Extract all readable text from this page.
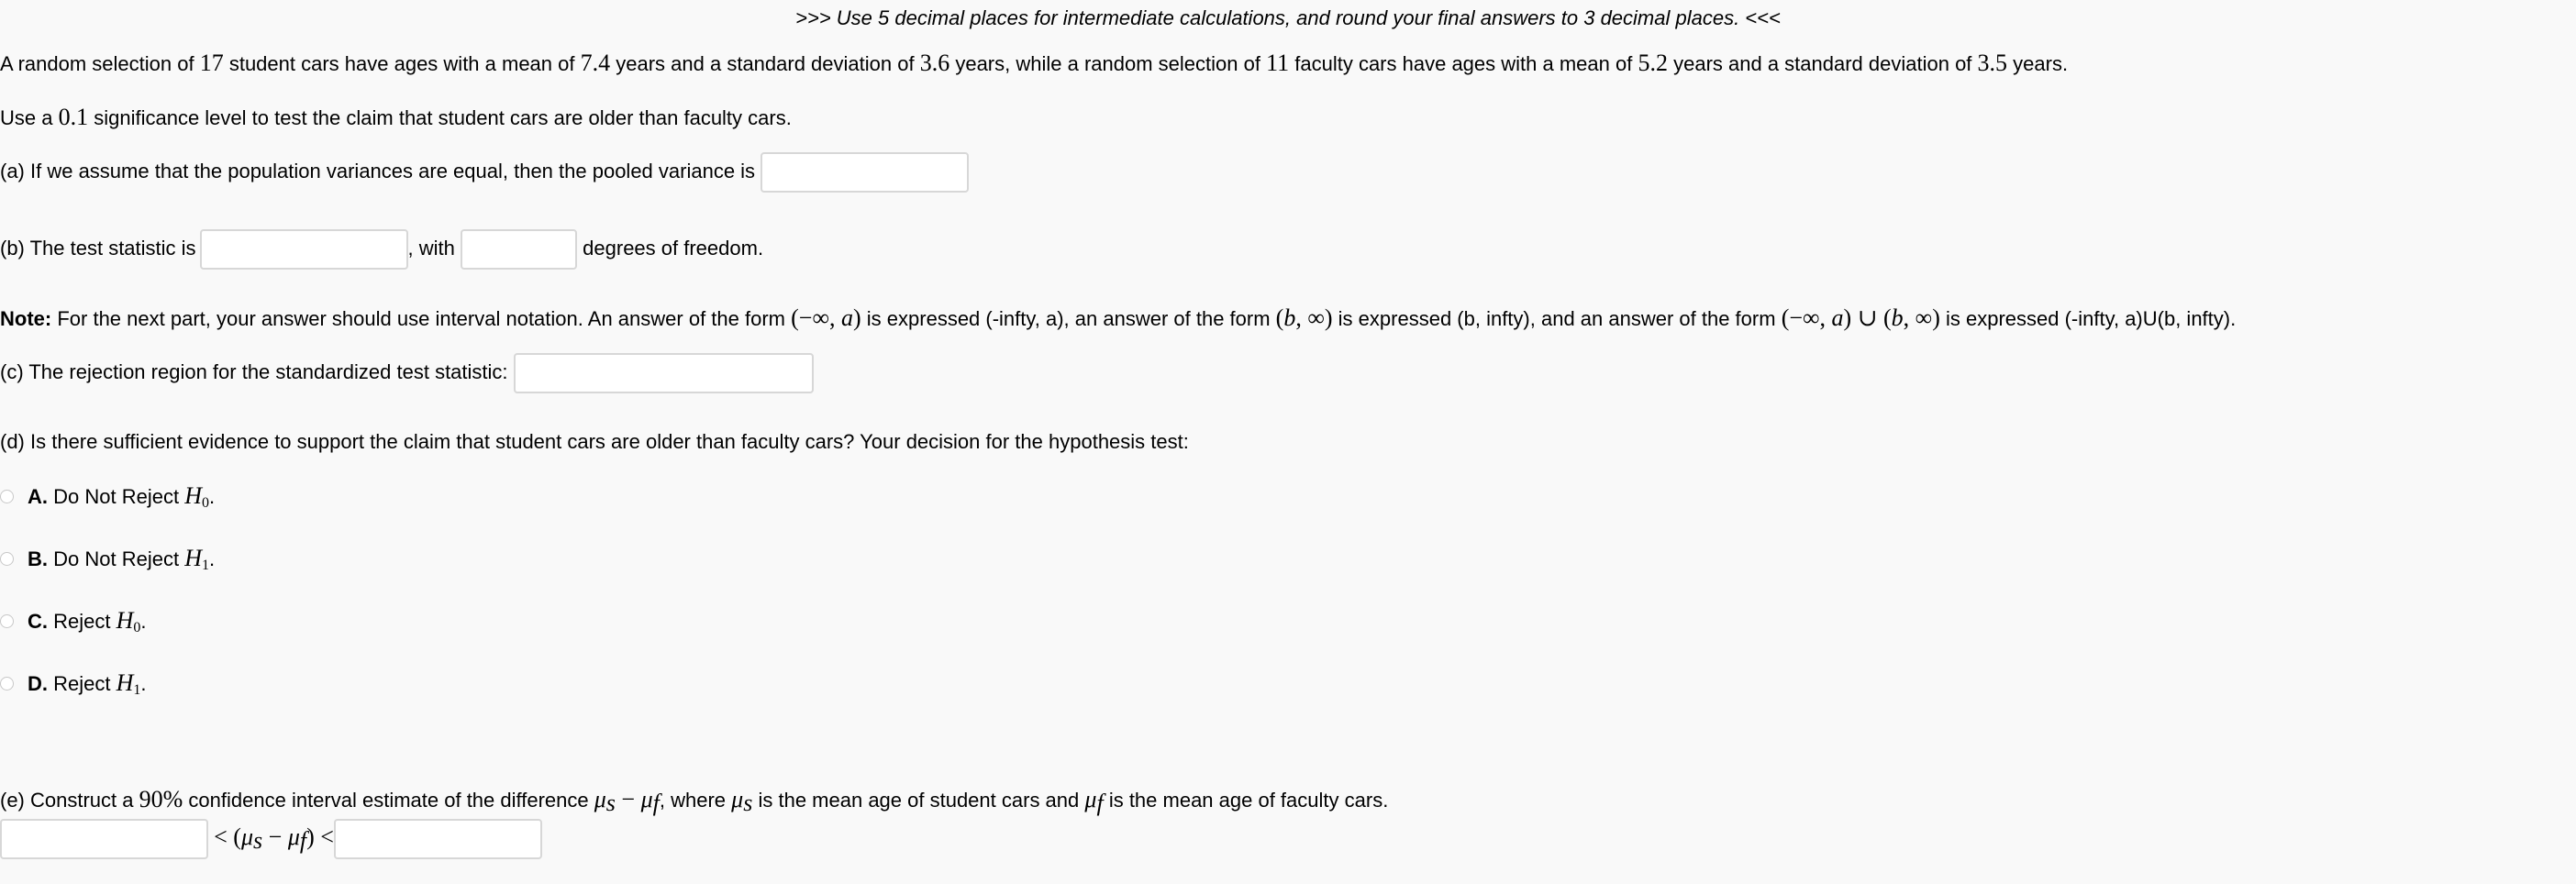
>>> Use 5 decimal places for intermediate calculations, and round your final answers to 3 decimal places. <<<
A random selection of 17 student cars have ages with a mean of 7.4 years and a standard deviation of 3.6 years, while a random selection of 11 faculty cars have ages with a mean of 5.2 years and a standard deviation of 3.5 years.
Use a 0.1 significance level to test the claim that student cars are older than faculty cars.
(a) If we assume that the population variances are equal, then the pooled variance is
(b) The test statistic is	, with	degrees of freedom.
Note: For the next part, your answer should use interval notation. An answer of the form (−∞, a) is expressed (-infty, a), an answer of the form (b, ∞) is expressed (b, infty), and an answer of the form (−∞, a) ∪ (b, ∞) is expressed (-infty, a)U(b, infty).
(c) The rejection region for the standardized test statistic:
(d) Is there sufficient evidence to support the claim that student cars are older than faculty cars? Your decision for the hypothesis test:
A. Do Not Reject $H_0$.
B. Do Not Reject $H_1$.
C. Reject $H_0$.
D. Reject $H_1$.
(e) Construct a 90% confidence interval estimate of the difference $\mu_s - \mu_f$, where $\mu_s$ is the mean age of student cars and $\mu_f$ is the mean age of faculty cars.
< $(\mu_s - \mu_f)$ <
